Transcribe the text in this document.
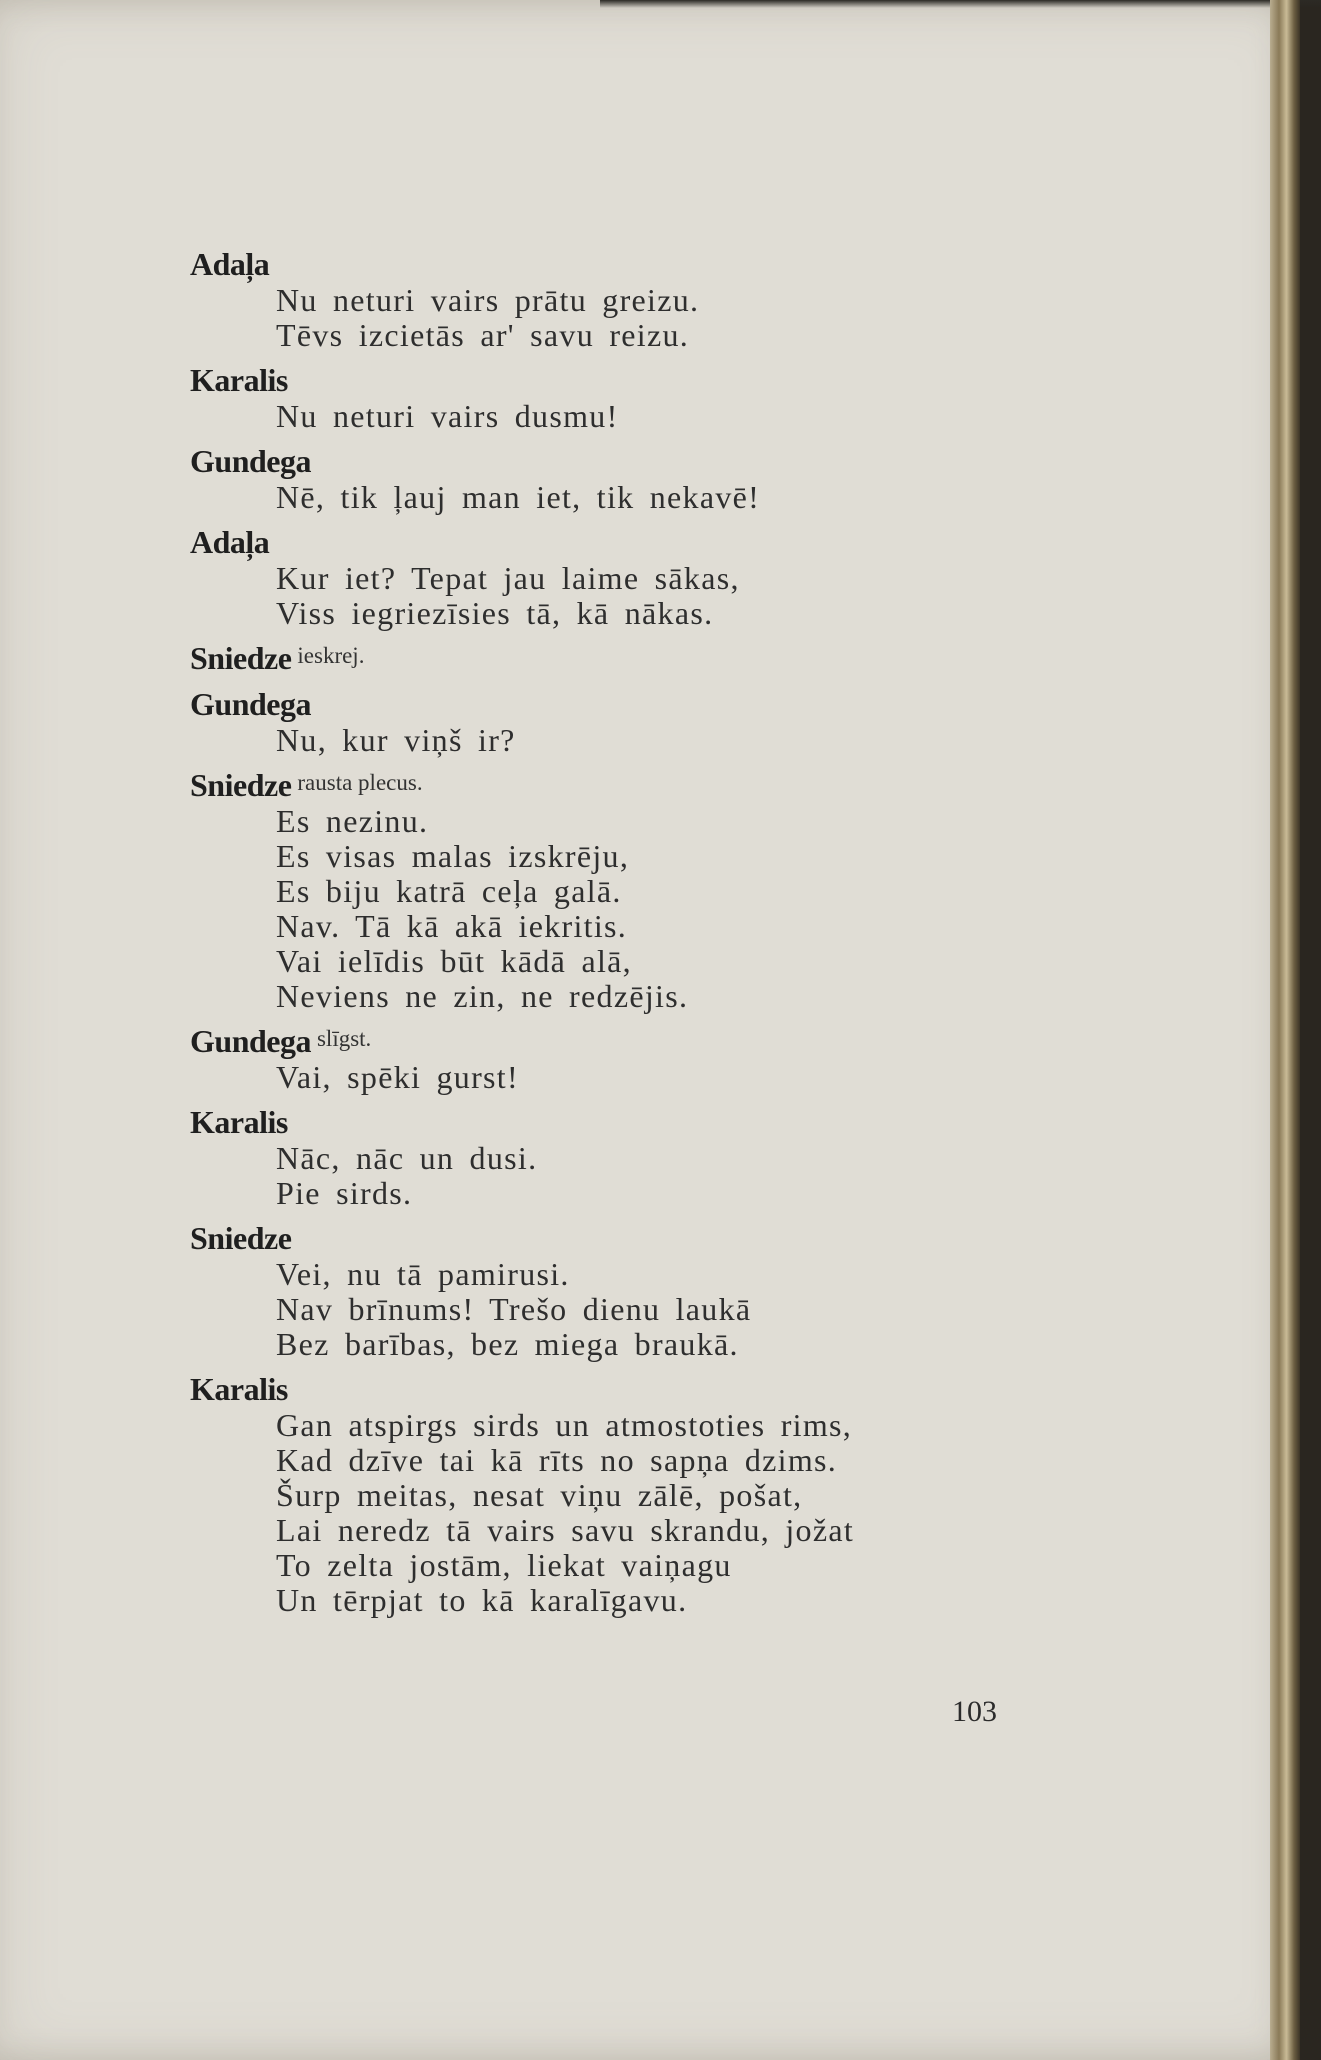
Adaļa
Nu neturi vairs prātu greizu.
Tēvs izcietās ar' savu reizu.
Karalis
Nu neturi vairs dusmu!
Gundega
Nē, tik ļauj man iet, tik nekavē!
Adaļa
Kur iet? Tepat jau laime sākas,
Viss iegriezīsies tā, kā nākas.
Sniedze ieskrej.
Gundega
Nu, kur viņš ir?
Sniedze rausta plecus.
Es nezinu.
Es visas malas izskrēju,
Es biju katrā ceļa galā.
Nav. Tā kā akā iekritis.
Vai ielīdis būt kādā alā,
Neviens ne zin, ne redzējis.
Gundega slīgst.
Vai, spēki gurst!
Karalis
Nāc, nāc un dusi.
Pie sirds.
Sniedze
Vei, nu tā pamirusi.
Nav brīnums! Trešo dienu laukā
Bez barības, bez miega braukā.
Karalis
Gan atspirgs sirds un atmostoties rims,
Kad dzīve tai kā rīts no sapņa dzims.
Šurp meitas, nesat viņu zālē, pošat,
Lai neredz tā vairs savu skrandu, jožat
To zelta jostām, liekat vaiņagu
Un tērpjat to kā karalīgavu.
103
